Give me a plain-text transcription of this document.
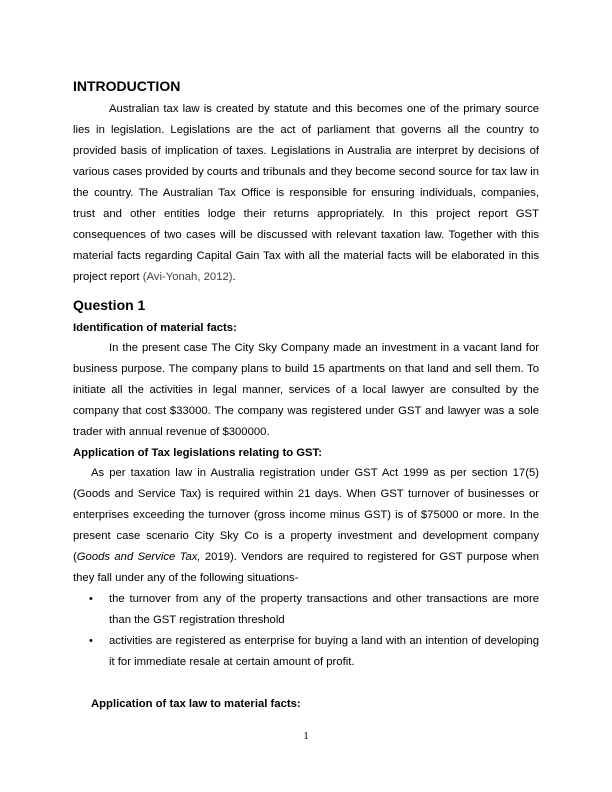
INTRODUCTION

Australian tax law is created by statute and this becomes one of the primary source lies in legislation. Legislations are the act of parliament that governs all the country to provided basis of implication of taxes. Legislations in Australia are interpret by decisions of various cases provided by courts and tribunals and they become second source for tax law in the country. The Australian Tax Office is responsible for ensuring individuals, companies, trust and other entities lodge their returns appropriately. In this project report GST consequences of two cases will be discussed with relevant taxation law. Together with this material facts regarding Capital Gain Tax with all the material facts will be elaborated in this project report (Avi-Yonah, 2012).

Question 1
Identification of material facts:

In the present case The City Sky Company made an investment in a vacant land for business purpose. The company plans to build 15 apartments on that land and sell them. To initiate all the activities in legal manner, services of a local lawyer are consulted by the company that cost $33000. The company was registered under GST and lawyer was a sole trader with annual revenue of $300000.

Application of Tax legislations relating to GST:

As per taxation law in Australia registration under GST Act 1999 as per section 17(5) (Goods and Service Tax) is required within 21 days. When GST turnover of businesses or enterprises exceeding the turnover (gross income minus GST) is of $75000 or more. In the present case scenario City Sky Co is a property investment and development company (Goods and Service Tax, 2019). Vendors are required to registered for GST purpose when they fall under any of the following situations-

• the turnover from any of the property transactions and other transactions are more than the GST registration threshold
• activities are registered as enterprise for buying a land with an intention of developing it for immediate resale at certain amount of profit.
Application of tax law to material facts:
1
